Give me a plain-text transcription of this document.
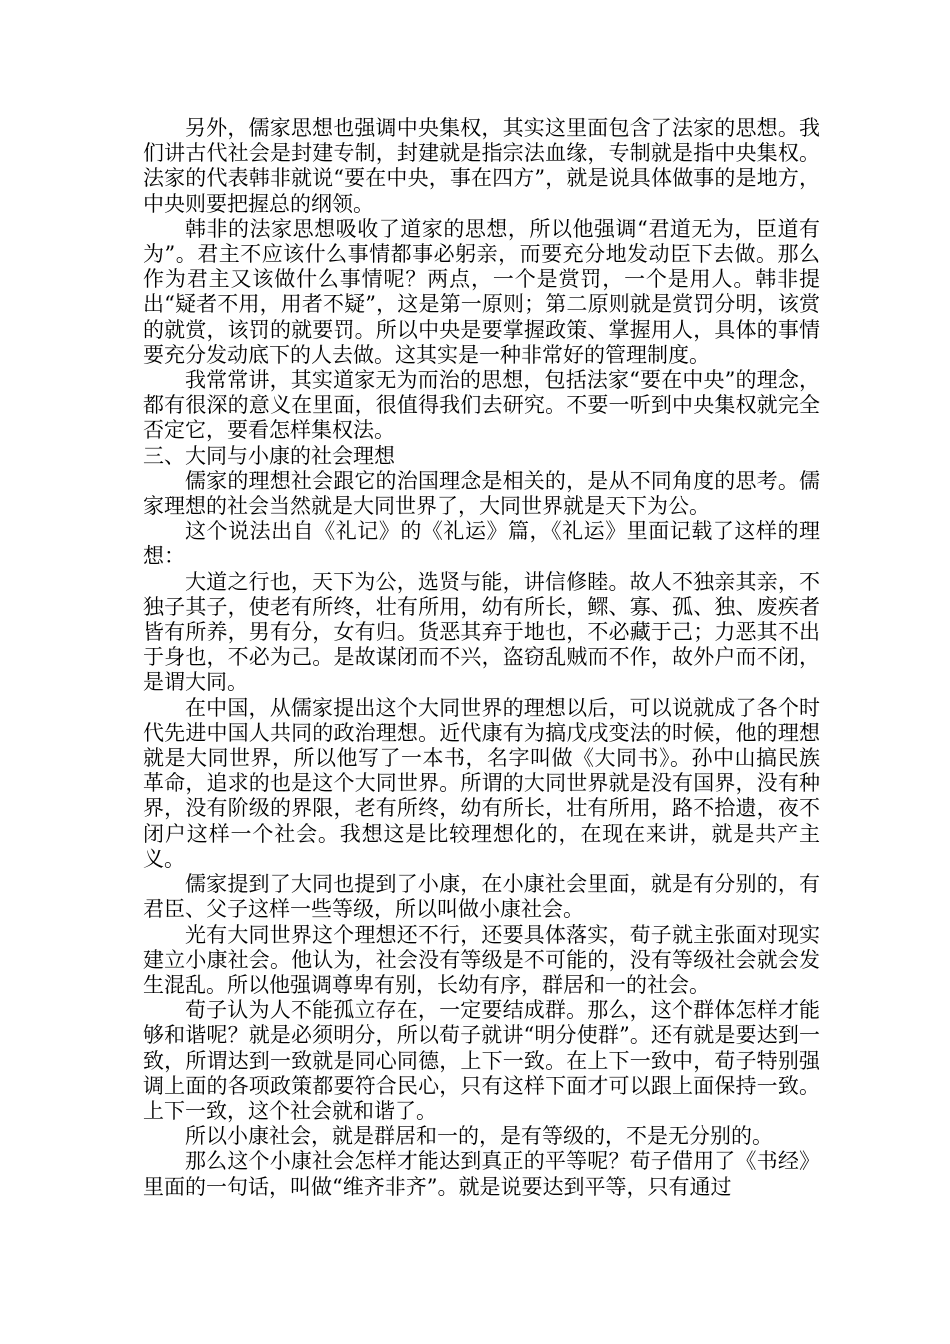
另外，儒家思想也强调中央集权，其实这里面包含了法家的思想。我们讲古代社会是封建专制，封建就是指宗法血缘，专制就是指中央集权。法家的代表韩非就说“要在中央，事在四方”，就是说具体做事的是地方，中央则要把握总的纲领。

韩非的法家思想吸收了道家的思想，所以他强调“君道无为，臣道有为”。君主不应该什么事情都事必躬亲，而要充分地发动臣下去做。那么作为君主又该做什么事情呢？两点，一个是赏罚，一个是用人。韩非提出“疑者不用，用者不疑”，这是第一原则；第二原则就是赏罚分明，该赏的就赏，该罚的就要罚。所以中央是要掌握政策、掌握用人，具体的事情要充分发动底下的人去做。这其实是一种非常好的管理制度。

我常常讲，其实道家无为而治的思想，包括法家“要在中央”的理念，都有很深的意义在里面，很值得我们去研究。不要一听到中央集权就完全否定它，要看怎样集权法。

三、大同与小康的社会理想

儒家的理想社会跟它的治国理念是相关的，是从不同角度的思考。儒家理想的社会当然就是大同世界了，大同世界就是天下为公。

这个说法出自《礼记》的《礼运》篇，《礼运》里面记载了这样的理想：

大道之行也，天下为公，选贤与能，讲信修睦。故人不独亲其亲，不独子其子，使老有所终，壮有所用，幼有所长，鳏、寡、孤、独、废疾者皆有所养，男有分，女有归。货恶其弃于地也，不必藏于己；力恶其不出于身也，不必为己。是故谋闭而不兴，盗窃乱贼而不作，故外户而不闭，是谓大同。

在中国，从儒家提出这个大同世界的理想以后，可以说就成了各个时代先进中国人共同的政治理想。近代康有为搞戊戌变法的时候，他的理想就是大同世界，所以他写了一本书，名字叫做《大同书》。孙中山搞民族革命，追求的也是这个大同世界。所谓的大同世界就是没有国界，没有种界，没有阶级的界限，老有所终，幼有所长，壮有所用，路不拾遗，夜不闭户这样一个社会。我想这是比较理想化的，在现在来讲，就是共产主义。

儒家提到了大同也提到了小康，在小康社会里面，就是有分别的，有君臣、父子这样一些等级，所以叫做小康社会。

光有大同世界这个理想还不行，还要具体落实，荀子就主张面对现实建立小康社会。他认为，社会没有等级是不可能的，没有等级社会就会发生混乱。所以他强调尊卑有别，长幼有序，群居和一的社会。

荀子认为人不能孤立存在，一定要结成群。那么，这个群体怎样才能够和谐呢？就是必须明分，所以荀子就讲“明分使群”。还有就是要达到一致，所谓达到一致就是同心同德，上下一致。在上下一致中，荀子特别强调上面的各项政策都要符合民心，只有这样下面才可以跟上面保持一致。上下一致，这个社会就和谐了。

所以小康社会，就是群居和一的，是有等级的，不是无分别的。

那么这个小康社会怎样才能达到真正的平等呢？荀子借用了《书经》里面的一句话，叫做“维齐非齐”。就是说要达到平等，只有通过
